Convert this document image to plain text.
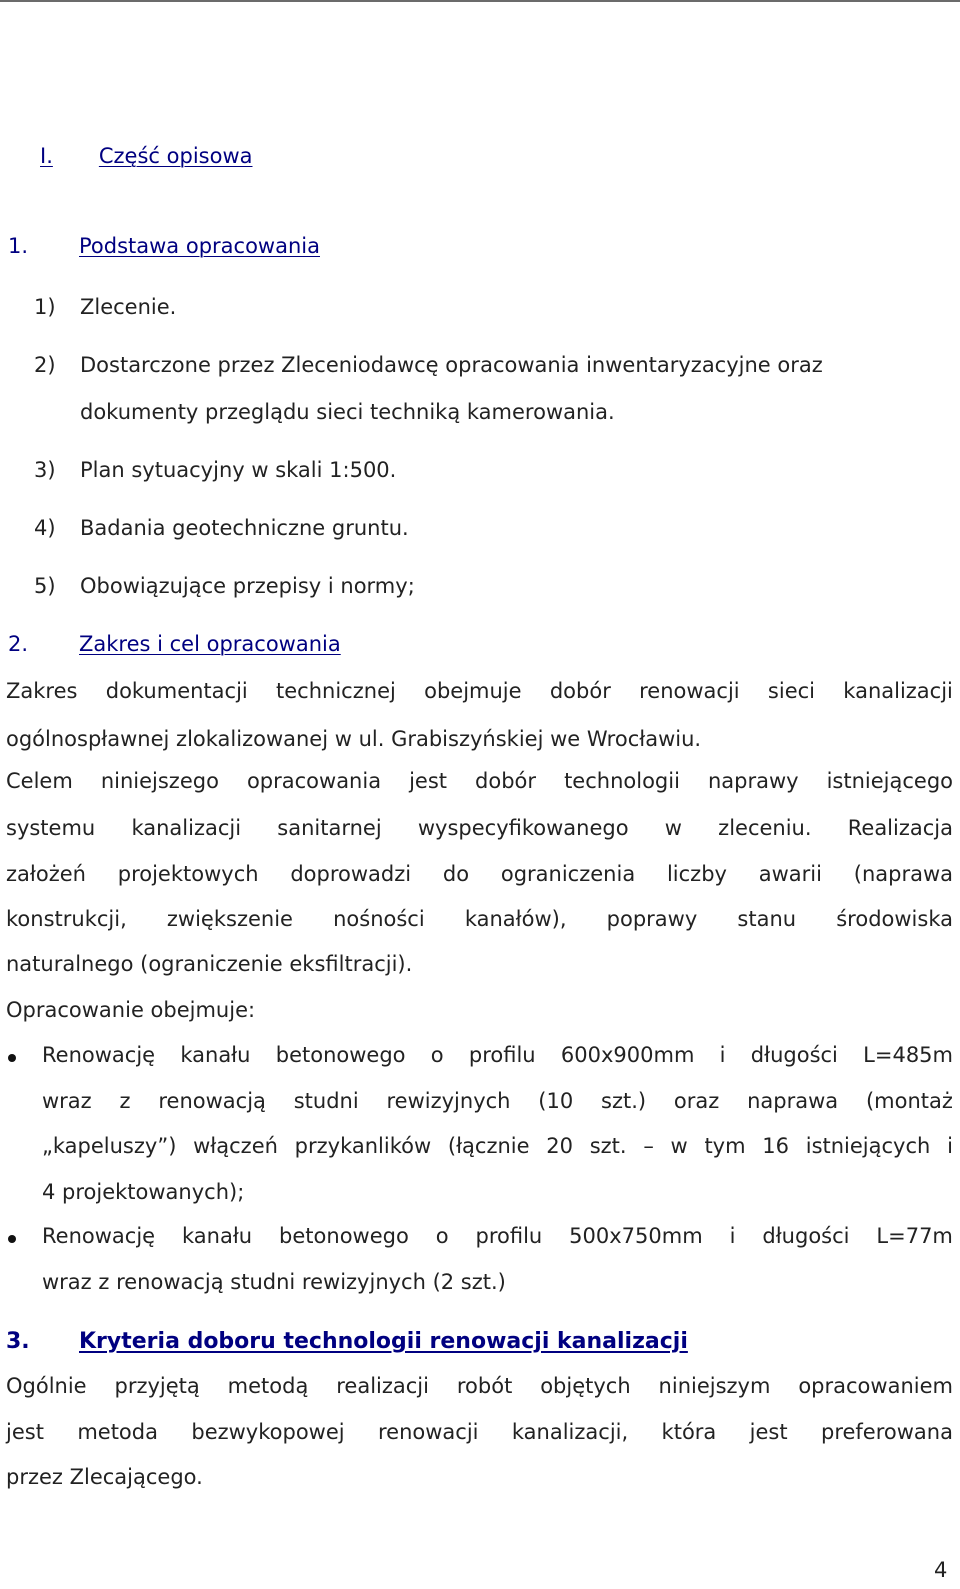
I. Część opisowa
1. Podstawa opracowania
1) Zlecenie.
2) Dostarczone przez Zleceniodawcę opracowania inwentaryzacyjne oraz
dokumenty przeglądu sieci techniką kamerowania.
3) Plan sytuacyjny w skali 1:500.
4) Badania geotechniczne gruntu.
5) Obowiązujące przepisy i normy;
2. Zakres i cel opracowania
Zakres dokumentacji technicznej obejmuje dobór renowacji sieci kanalizacji
ogólnospławnej zlokalizowanej w ul. Grabiszyńskiej we Wrocławiu.
Celem niniejszego opracowania jest dobór technologii naprawy istniejącego
systemu kanalizacji sanitarnej wyspecyfikowanego w zleceniu. Realizacja
założeń projektowych doprowadzi do ograniczenia liczby awarii (naprawa
konstrukcji, zwiększenie nośności kanałów), poprawy stanu środowiska
naturalnego (ograniczenie eksfiltracji).
Opracowanie obejmuje:
Renowację kanału betonowego o profilu 600x900mm i długości L=485m
wraz z renowacją studni rewizyjnych (10 szt.) oraz naprawa (montaż
„kapeluszy”) włączeń przykanlików (łącznie 20 szt. – w tym 16 istniejących i
4 projektowanych);
Renowację kanału betonowego o profilu 500x750mm i długości L=77m
wraz z renowacją studni rewizyjnych (2 szt.)
3. Kryteria doboru technologii renowacji kanalizacji
Ogólnie przyjętą metodą realizacji robót objętych niniejszym opracowaniem
jest metoda bezwykopowej renowacji kanalizacji, która jest preferowana
przez Zlecającego.
4
